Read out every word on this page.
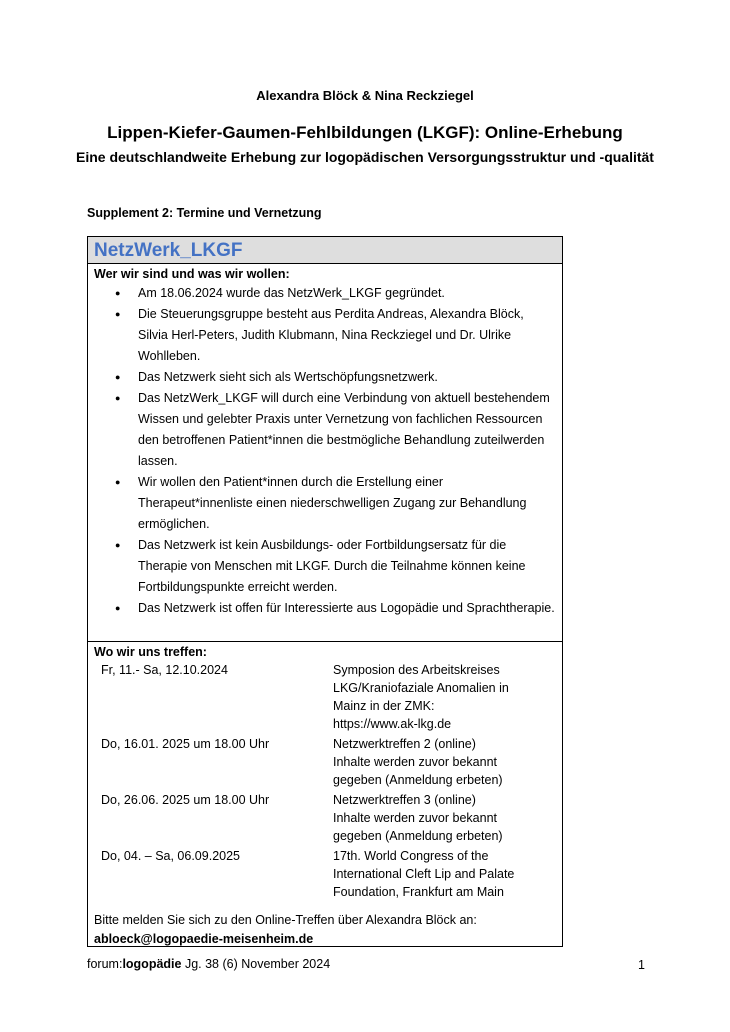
Alexandra Blöck & Nina Reckziegel
Lippen-Kiefer-Gaumen-Fehlbildungen (LKGF): Online-Erhebung
Eine deutschlandweite Erhebung zur logopädischen Versorgungsstruktur und -qualität
Supplement 2: Termine und Vernetzung
NetzWerk_LKGF
Wer wir sind und was wir wollen:
● Am 18.06.2024 wurde das NetzWerk_LKGF gegründet.
● Die Steuerungsgruppe besteht aus Perdita Andreas, Alexandra Blöck, Silvia Herl-Peters, Judith Klubmann, Nina Reckziegel und Dr. Ulrike Wohlleben.
● Das Netzwerk sieht sich als Wertschöpfungsnetzwerk.
● Das NetzWerk_LKGF will durch eine Verbindung von aktuell bestehendem Wissen und gelebter Praxis unter Vernetzung von fachlichen Ressourcen den betroffenen Patient*innen die bestmögliche Behandlung zuteilwerden lassen.
● Wir wollen den Patient*innen durch die Erstellung einer Therapeut*innenliste einen niederschwelligen Zugang zur Behandlung ermöglichen.
● Das Netzwerk ist kein Ausbildungs- oder Fortbildungsersatz für die Therapie von Menschen mit LKGF. Durch die Teilnahme können keine Fortbildungspunkte erreicht werden.
● Das Netzwerk ist offen für Interessierte aus Logopädie und Sprachtherapie.
Wo wir uns treffen:
Fr, 11.- Sa, 12.10.2024	Symposion des Arbeitskreises
LKG/Kraniofaziale Anomalien in
Mainz in der ZMK:
https://www.ak-lkg.de

Do, 16.01. 2025 um 18.00 Uhr	Netzwerktreffen 2 (online)
Inhalte werden zuvor bekannt
gegeben (Anmeldung erbeten)

Do, 26.06. 2025 um 18.00 Uhr	Netzwerktreffen 3 (online)
Inhalte werden zuvor bekannt
gegeben (Anmeldung erbeten)

Do, 04. – Sa, 06.09.2025	17th. World Congress of the
International Cleft Lip and Palate
Foundation, Frankfurt am Main
Bitte melden Sie sich zu den Online-Treffen über Alexandra Blöck an:
abloeck@logopaedie-meisenheim.de
forum:logopädie Jg. 38 (6) November 2024	1
